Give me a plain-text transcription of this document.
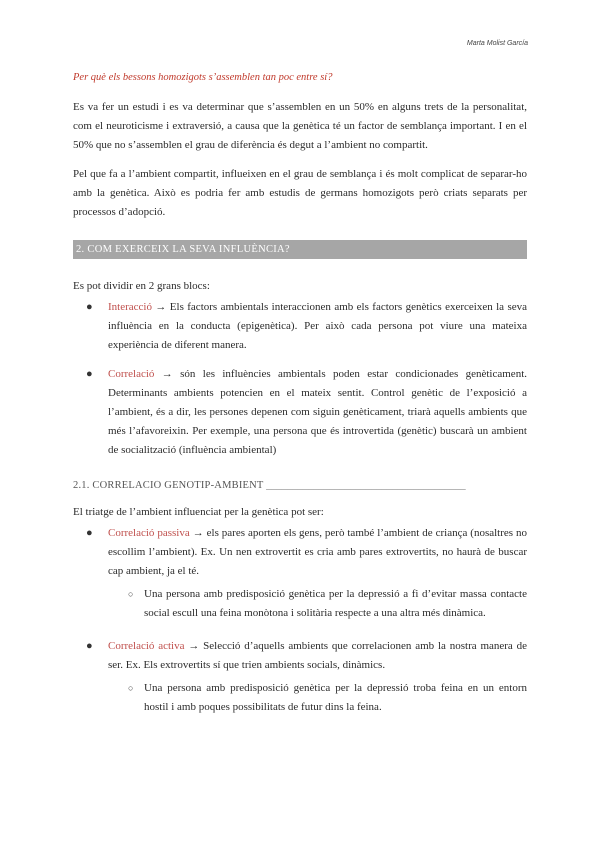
Marta Molist García
Per què els bessons homozigots s’assemblen tan poc entre sí?

Es va fer un estudi i es va determinar que s’assemblen en un 50% en alguns trets de la personalitat, com el neuroticisme i extraversió, a causa que la genètica té un factor de semblança important. I en el 50% que no s’assemblen el grau de diferència és degut a l’ambient no compartit.

Pel que fa a l’ambient compartit, influeixen en el grau de semblança i és molt complicat de separar-ho amb la genètica. Això es podria fer amb estudis de germans homozigots però criats separats per processos d’adopció.

2. COM EXERCEIX LA SEVA INFLUÈNCIA?

Es pot dividir en 2 grans blocs:

● Interacció → Els factors ambientals interaccionen amb els factors genètics exerceixen la seva influència en la conducta (epigenètica). Per això cada persona pot viure una mateixa experiència de diferent manera.
● Correlació → són les influències ambientals poden estar condicionades genèticament. Determinants ambients potencien en el mateix sentit. Control genètic de l’exposició a l’ambient, és a dir, les persones depenen com siguin genèticament, triarà aquells ambients que més l’afavoreixin. Per exemple, una persona que és introvertida (genètic) buscarà un ambient de socialització (influència ambiental)
2.1. CORRELACIÓ GENOTIP-AMBIENT ______________________________________

El triatge de l’ambient influenciat per la genètica pot ser:

● Correlació passiva → els pares aporten els gens, però també l’ambient de criança (nosaltres no escollim l’ambient). Ex. Un nen extrovertit es cria amb pares extrovertits, no haurà de buscar cap ambient, ja el té.
○ Una persona amb predisposició genètica per la depressió a fi d’evitar massa contacte social escull una feina monòtona i solitària respecte a una altra més dinàmica.
● Correlació activa → Selecció d’aquells ambients que correlacionen amb la nostra manera de ser. Ex. Els extrovertits sí que trien ambients socials, dinàmics.
○ Una persona amb predisposició genètica per la depressió troba feina en un entorn hostil i amb poques possibilitats de futur dins la feina.
